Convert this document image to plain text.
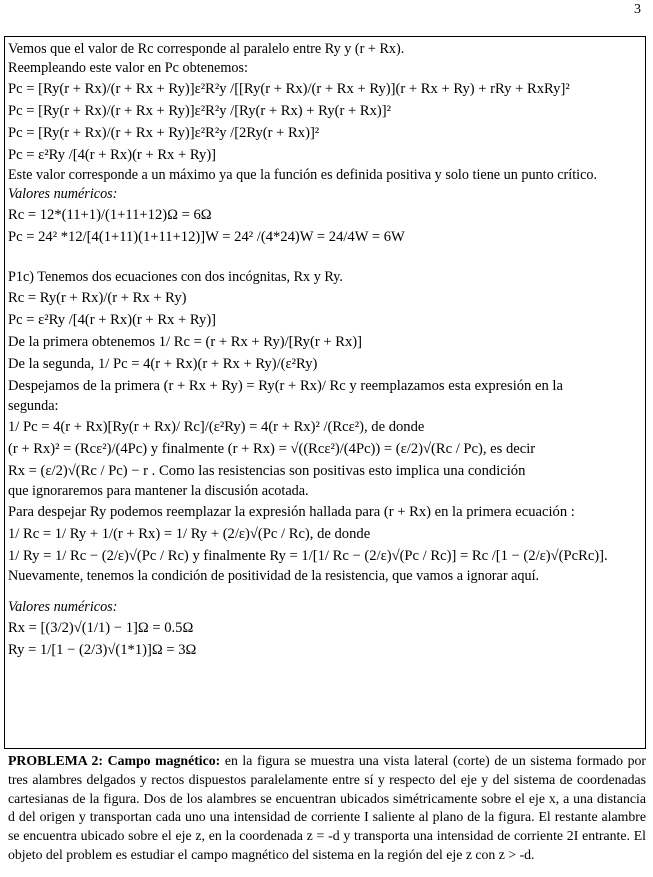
3
Vemos que el valor de Rc corresponde al paralelo entre Ry y (r + Rx).
Reempleando este valor en Pc obtenemos:
Pc = [Ry(r + Rx)/(r + Rx + Ry)]ε²R²y /[[Ry(r + Rx)/(r + Rx + Ry)](r + Rx + Ry) + rRy + RxRy]²
Pc = [Ry(r + Rx)/(r + Rx + Ry)]ε²R²y /[Ry(r + Rx) + Ry(r + Rx)]²
Pc = [Ry(r + Rx)/(r + Rx + Ry)]ε²R²y /[2Ry(r + Rx)]²
Pc = ε²Ry /[4(r + Rx)(r + Rx + Ry)]
Este valor corresponde a un máximo ya que la función es definida positiva y solo tiene un punto crítico.
Valores numéricos:
Rc = 12*(11+1)/(1+11+12)Ω = 6Ω
Pc = 24² *12/[4(1+11)(1+11+12)]W = 24² /(4*24)W = 24/4W = 6W
P1c) Tenemos dos ecuaciones con dos incógnitas, Rx y Ry.
Rc = Ry(r + Rx)/(r + Rx + Ry)
Pc = ε²Ry /[4(r + Rx)(r + Rx + Ry)]
De la primera obtenemos 1/ Rc = (r + Rx + Ry)/[Ry(r + Rx)]
De la segunda, 1/ Pc = 4(r + Rx)(r + Rx + Ry)/(ε²Ry)
Despejamos de la primera (r + Rx + Ry) = Ry(r + Rx)/ Rc y reemplazamos esta expresión en la
segunda:
1/ Pc = 4(r + Rx)[Ry(r + Rx)/ Rc]/(ε²Ry) = 4(r + Rx)² /(Rcε²), de donde
(r + Rx)² = (Rcε²)/(4Pc) y finalmente (r + Rx) = √((Rcε²)/(4Pc)) = (ε/2)√(Rc / Pc), es decir
Rx = (ε/2)√(Rc / Pc) − r . Como las resistencias son positivas esto implica una condición
que ignoraremos para mantener la discusión acotada.
Para despejar Ry podemos reemplazar la expresión hallada para (r + Rx) en la primera ecuación :
1/ Rc = 1/ Ry + 1/(r + Rx) = 1/ Ry + (2/ε)√(Pc / Rc), de donde
1/ Ry = 1/ Rc − (2/ε)√(Pc / Rc) y finalmente Ry = 1/[1/ Rc − (2/ε)√(Pc / Rc)] = Rc /[1 − (2/ε)√(PcRc)].
Nuevamente, tenemos la condición de positividad de la resistencia, que vamos a ignorar aquí.
Valores numéricos:
Rx = [(3/2)√(1/1) − 1]Ω = 0.5Ω
Ry = 1/[1 − (2/3)√(1*1)]Ω = 3Ω
PROBLEMA 2: Campo magnético: en la figura se muestra una vista lateral (corte) de un sistema formado por tres alambres delgados y rectos dispuestos paralelamente entre sí y respecto del eje y del sistema de coordenadas cartesianas de la figura. Dos de los alambres se encuentran ubicados simétricamente sobre el eje x, a una distancia d del origen y transportan cada uno una intensidad de corriente I saliente al plano de la figura. El restante alambre se encuentra ubicado sobre el eje z, en la coordenada z = -d y transporta una intensidad de corriente 2I entrante. El objeto del problem es estudiar el campo magnético del sistema en la región del eje z con z > -d.
